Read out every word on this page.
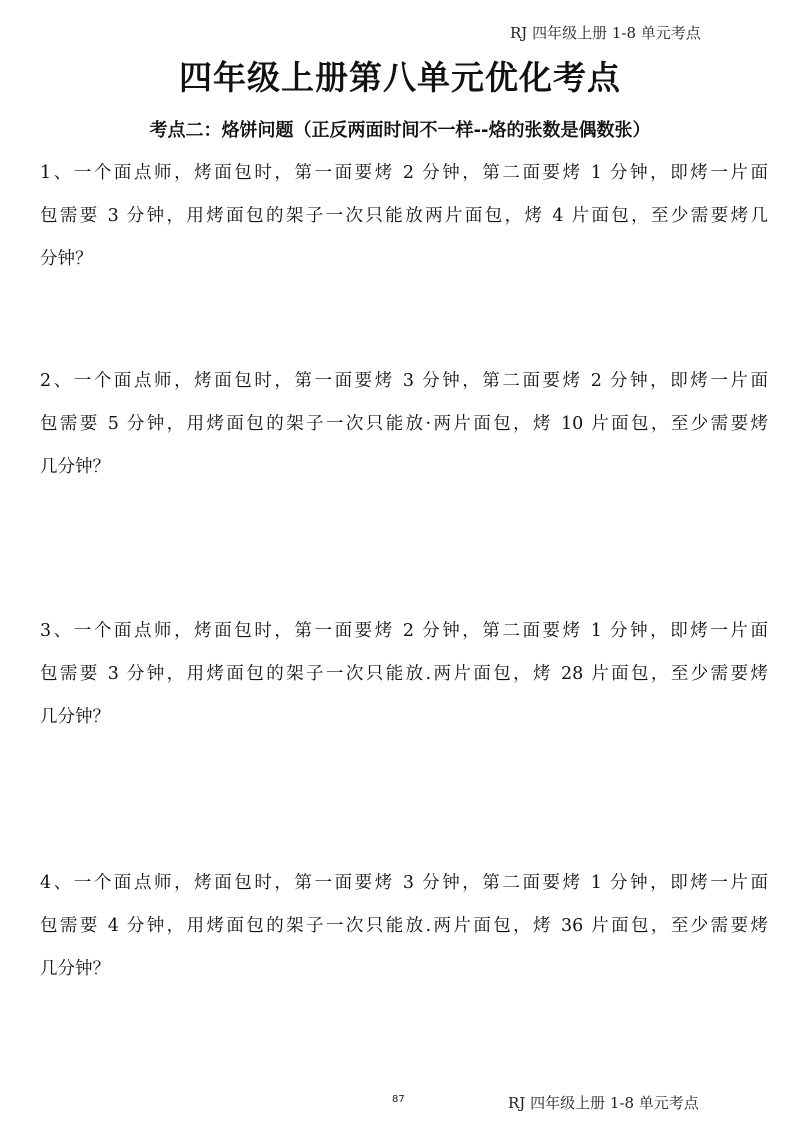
RJ 四年级上册 1-8 单元考点
四年级上册第八单元优化考点
考点二：烙饼问题（正反两面时间不一样--烙的张数是偶数张）
1、一个面点师，烤面包时，第一面要烤 2 分钟，第二面要烤 1 分钟，即烤一片面
包需要 3 分钟，用烤面包的架子一次只能放两片面包，烤 4 片面包，至少需要烤几
分钟？
2、一个面点师，烤面包时，第一面要烤 3 分钟，第二面要烤 2 分钟，即烤一片面
包需要 5 分钟，用烤面包的架子一次只能放·两片面包，烤 10 片面包，至少需要烤
几分钟？
3、一个面点师，烤面包时，第一面要烤 2 分钟，第二面要烤 1 分钟，即烤一片面
包需要 3 分钟，用烤面包的架子一次只能放.两片面包，烤 28 片面包，至少需要烤
几分钟？
4、一个面点师，烤面包时，第一面要烤 3 分钟，第二面要烤 1 分钟，即烤一片面
包需要 4 分钟，用烤面包的架子一次只能放.两片面包，烤 36 片面包，至少需要烤
几分钟？
87	RJ 四年级上册 1-8 单元考点
